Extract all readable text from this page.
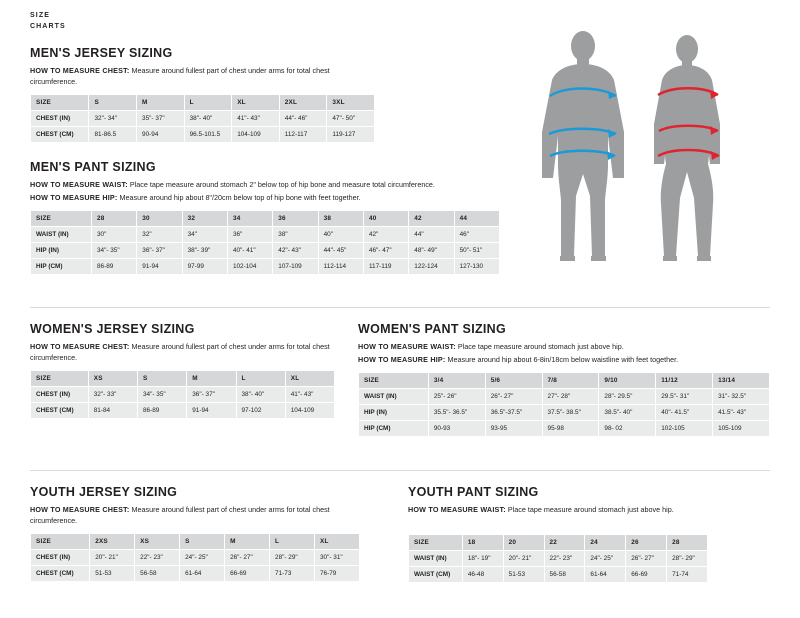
SIZE
CHARTS
MEN'S JERSEY SIZING

HOW TO MEASURE CHEST: Measure around fullest part of chest under arms for total chest circumference.

SIZE	S	M	L	XL	2XL	3XL
CHEST (IN)	32"- 34"	35"- 37"	38"- 40"	41"- 43"	44"- 46"	47"- 50"
CHEST (CM)	81-86.5	90-94	96.5-101.5	104-109	112-117	119-127
MEN'S PANT SIZING

HOW TO MEASURE WAIST: Place tape measure around stomach 2" below top of hip bone and measure total circumference.

HOW TO MEASURE HIP: Measure around hip about 8"/20cm below top of hip bone with feet together.

SIZE	28	30	32	34	36	38	40	42	44
WAIST (IN)	30"	32"	34"	36"	38"	40"	42"	44"	46"
HIP (IN)	34"- 35"	36"- 37"	38"- 39"	40"- 41"	42"- 43"	44"- 45"	46"- 47"	48"- 49"	50"- 51"
HIP (CM)	86-89	91-94	97-99	102-104	107-109	112-114	117-119	122-124	127-130
WOMEN'S JERSEY SIZING

HOW TO MEASURE CHEST: Measure around fullest part of chest under arms for total chest circumference.

SIZE	XS	S	M	L	XL
CHEST (IN)	32"- 33"	34"- 35"	36"- 37"	38"- 40"	41"- 43"
CHEST (CM)	81-84	86-89	91-94	97-102	104-109
WOMEN'S PANT SIZING

HOW TO MEASURE WAIST: Place tape measure around stomach just above hip.

HOW TO MEASURE HIP: Measure around hip about 6-8in/18cm below waistline with feet together.

SIZE	3/4	5/6	7/8	9/10	11/12	13/14
WAIST (IN)	25"- 26"	26"- 27"	27"- 28"	28"- 29.5"	29.5"- 31"	31"- 32.5"
HIP (IN)	35.5"- 36.5"	36.5"-37.5"	37.5"- 38.5"	38.5"- 40"	40"- 41.5"	41.5"- 43"
HIP (CM)	90-93	93-95	95-98	98- 02	102-105	105-109
YOUTH JERSEY SIZING

HOW TO MEASURE CHEST: Measure around fullest part of chest under arms for total chest circumference.

SIZE	2XS	XS	S	M	L	XL
CHEST (IN)	20"- 21"	22"- 23"	24"- 25"	26"- 27"	28"- 29"	30"- 31"
CHEST (CM)	51-53	56-58	61-64	66-69	71-73	76-79
YOUTH PANT SIZING

HOW TO MEASURE WAIST: Place tape measure around stomach just above hip.

SIZE	18	20	22	24	26	28
WAIST (IN)	18"- 19"	20"- 21"	22"- 23"	24"- 25"	26"- 27"	28"- 29"
WAIST (CM)	46-48	51-53	56-58	61-64	66-69	71-74
